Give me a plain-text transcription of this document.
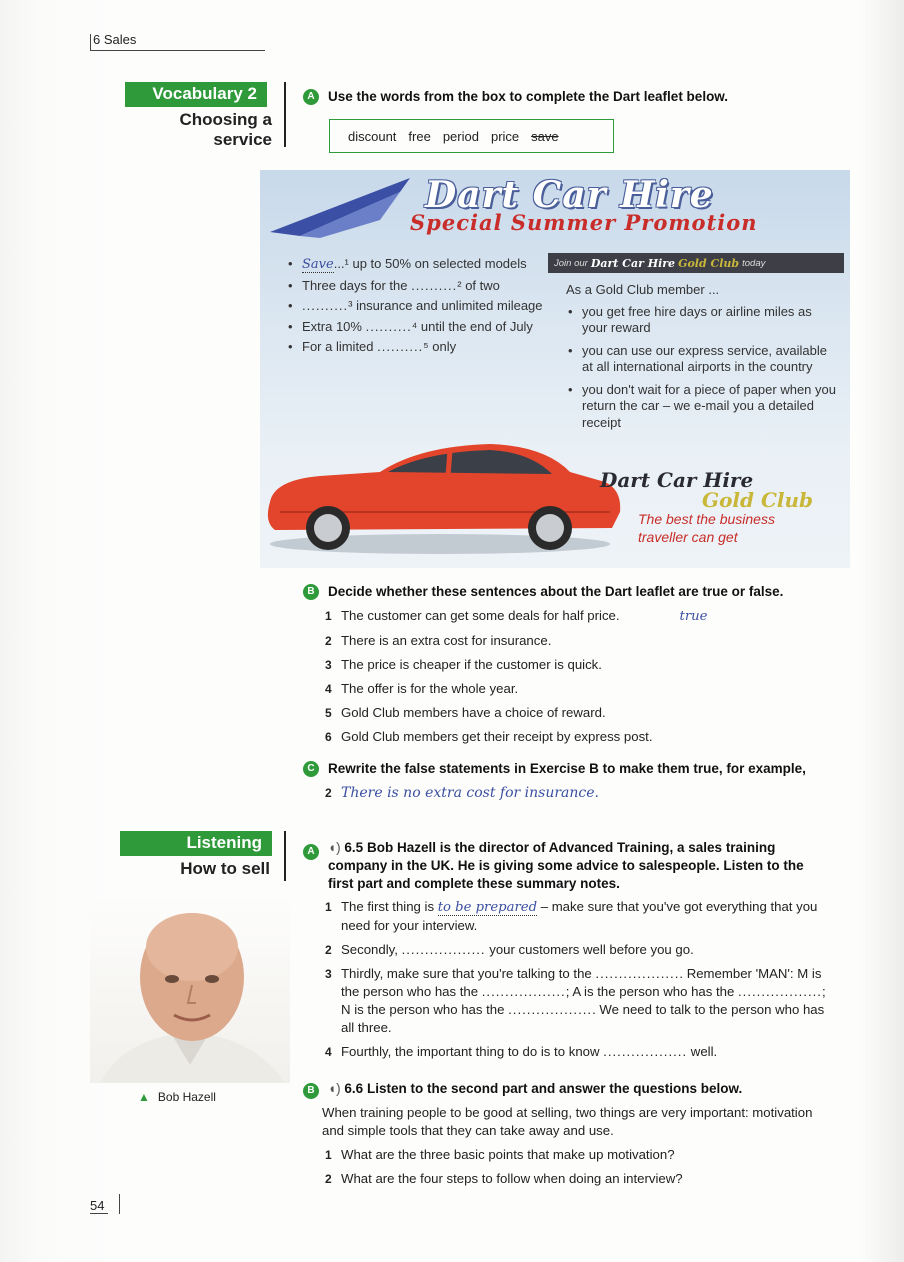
6 Sales
Vocabulary 2
Choosing a
service
A Use the words from the box to complete the Dart leaflet below.
discount free period price save
Dart Car Hire
Special Summer Promotion
• Save...¹ up to 50% on selected models
• Three days for the ..........² of two
• ..........³ insurance and unlimited mileage
• Extra 10% ..........⁴ until the end of July
• For a limited ..........⁵ only
Join our Dart Car Hire Gold Club today
As a Gold Club member ...
• you get free hire days or airline miles as your reward
• you can use our express service, available at all international airports in the country
• you don't wait for a piece of paper when you return the car – we e-mail you a detailed receipt
Dart Car Hire
Gold Club
The best the business
traveller can get
B Decide whether these sentences about the Dart leaflet are true or false.
1 The customer can get some deals for half price.	true
2 There is an extra cost for insurance.
3 The price is cheaper if the customer is quick.
4 The offer is for the whole year.
5 Gold Club members have a choice of reward.
6 Gold Club members get their receipt by express post.
C Rewrite the false statements in Exercise B to make them true, for example,
2 There is no extra cost for insurance.
Listening
How to sell
▲ Bob Hazell
A ◖) 6.5 Bob Hazell is the director of Advanced Training, a sales training company in the UK. He is giving some advice to salespeople. Listen to the first part and complete these summary notes.
1 The first thing is to be prepared – make sure that you've got everything that you need for your interview.
2 Secondly, .................. your customers well before you go.
3 Thirdly, make sure that you're talking to the ................... Remember 'MAN': M is the person who has the ..................; A is the person who has the ..................; N is the person who has the ................... We need to talk to the person who has all three.
4 Fourthly, the important thing to do is to know .................. well.
B ◖) 6.6 Listen to the second part and answer the questions below.
When training people to be good at selling, two things are very important: motivation and simple tools that they can take away and use.
1 What are the three basic points that make up motivation?
2 What are the four steps to follow when doing an interview?
54
